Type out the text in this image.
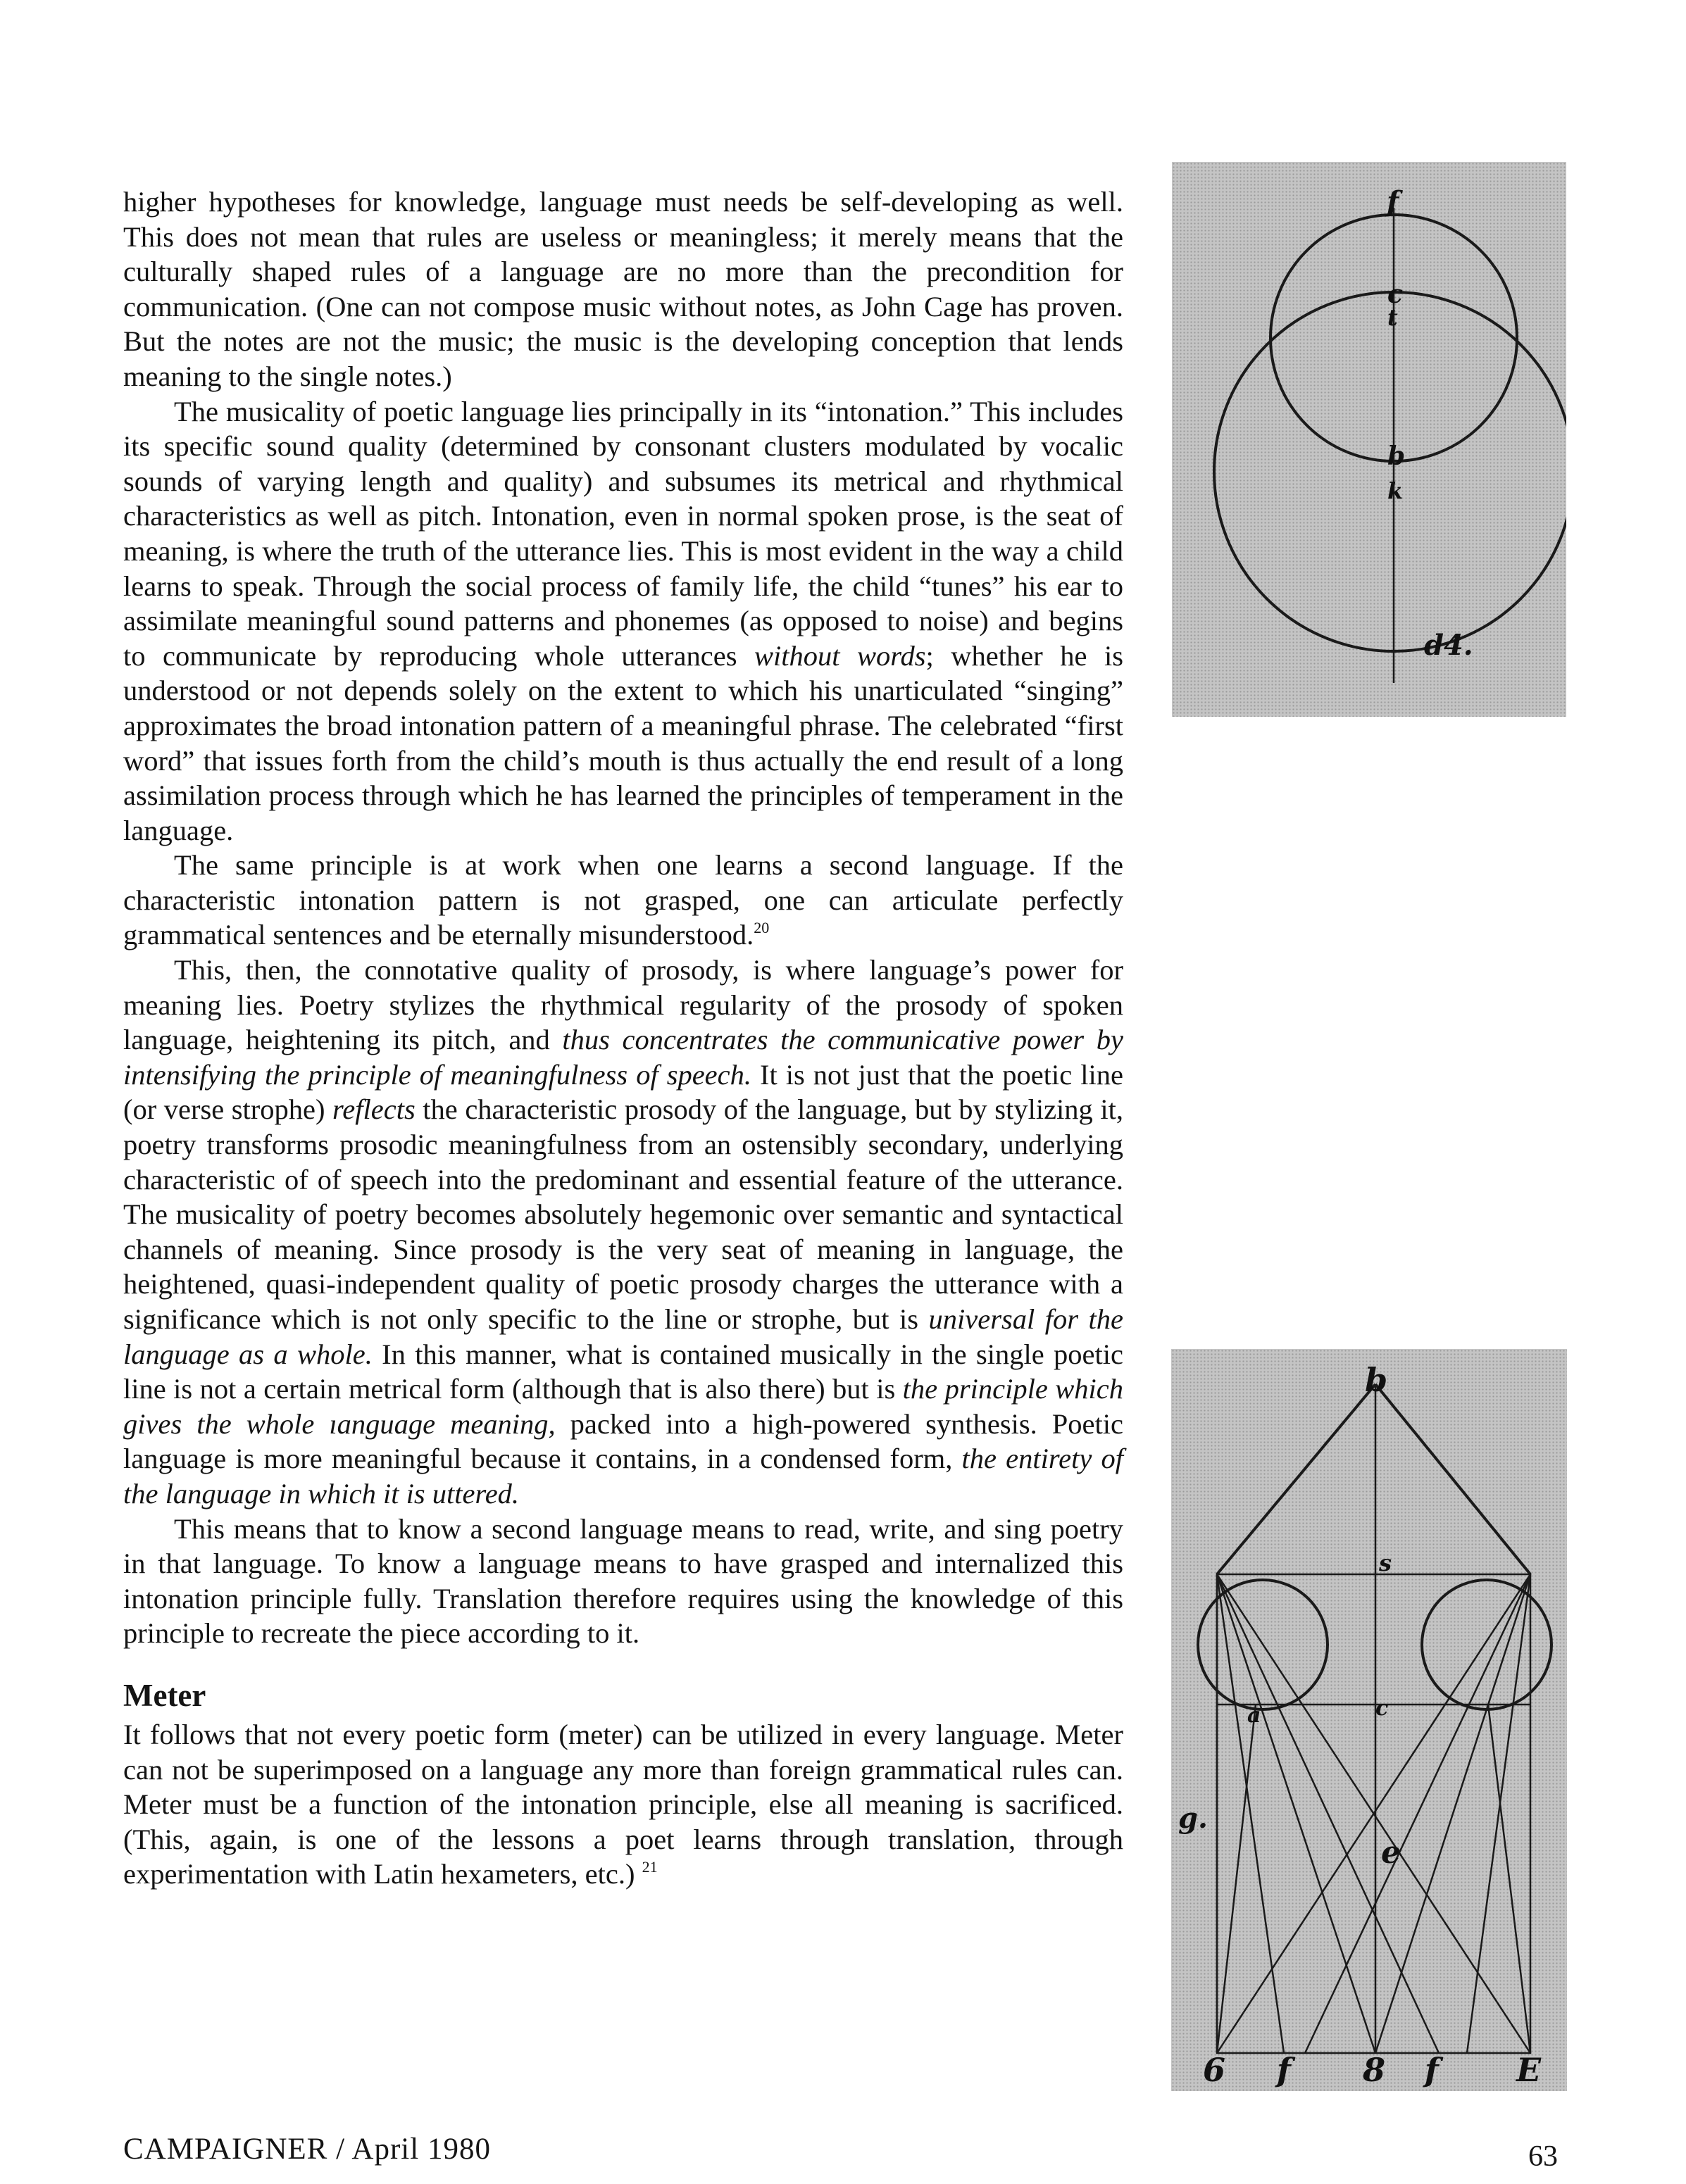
higher hypotheses for knowledge, language must needs be self-developing as well. This does not mean that rules are useless or meaningless; it merely means that the culturally shaped rules of a language are no more than the precondition for communication. (One can not compose music without notes, as John Cage has proven. But the notes are not the music; the music is the developing conception that lends meaning to the single notes.)

The musicality of poetic language lies principally in its “intonation.” This includes its specific sound quality (determined by consonant clusters modulated by vocalic sounds of varying length and quality) and subsumes its metrical and rhythmical characteristics as well as pitch. Intonation, even in normal spoken prose, is the seat of meaning, is where the truth of the utterance lies. This is most evident in the way a child learns to speak. Through the social process of family life, the child “tunes” his ear to assimilate meaningful sound patterns and phonemes (as opposed to noise) and begins to communicate by reproducing whole utterances without words; whether he is understood or not depends solely on the extent to which his unarticulated “singing” approximates the broad intonation pattern of a meaningful phrase. The celebrated “first word” that issues forth from the child’s mouth is thus actually the end result of a long assimilation process through which he has learned the principles of temperament in the language.

The same principle is at work when one learns a second language. If the characteristic intonation pattern is not grasped, one can articulate perfectly grammatical sentences and be eternally misunderstood.$^{20}$

This, then, the connotative quality of prosody, is where language’s power for meaning lies. Poetry stylizes the rhythmical regularity of the prosody of spoken language, heightening its pitch, and thus concentrates the communicative power by intensifying the principle of meaningfulness of speech. It is not just that the poetic line (or verse strophe) reflects the characteristic prosody of the language, but by stylizing it, poetry transforms prosodic meaningfulness from an ostensibly secondary, underlying characteristic of of speech into the predominant and essential feature of the utterance. The musicality of poetry becomes absolutely hegemonic over semantic and syntactical channels of meaning. Since prosody is the very seat of meaning in language, the heightened, quasi-independent quality of poetic prosody charges the utterance with a significance which is not only specific to the line or strophe, but is universal for the language as a whole. In this manner, what is contained musically in the single poetic line is not a certain metrical form (although that is also there) but is the principle which gives the whole ıanguage meaning, packed into a high-powered synthesis. Poetic language is more meaningful because it contains, in a condensed form, the entirety of the language in which it is uttered.

This means that to know a second language means to read, write, and sing poetry in that language. To know a language means to have grasped and internalized this intonation principle fully. Translation therefore requires using the knowledge of this principle to recreate the piece according to it.

Meter

It follows that not every poetic form (meter) can be utilized in every language. Meter can not be superimposed on a language any more than foreign grammatical rules can. Meter must be a function of the intonation principle, else all meaning is sacrificed. (This, again, is one of the lessons a poet learns through translation, through experimentation with Latin hexameters, etc.) $^{21}$

f
c
t
b
k
d4.
b
a	c
s
e
g.
6 f 8 f E
CAMPAIGNER / April 1980	63
